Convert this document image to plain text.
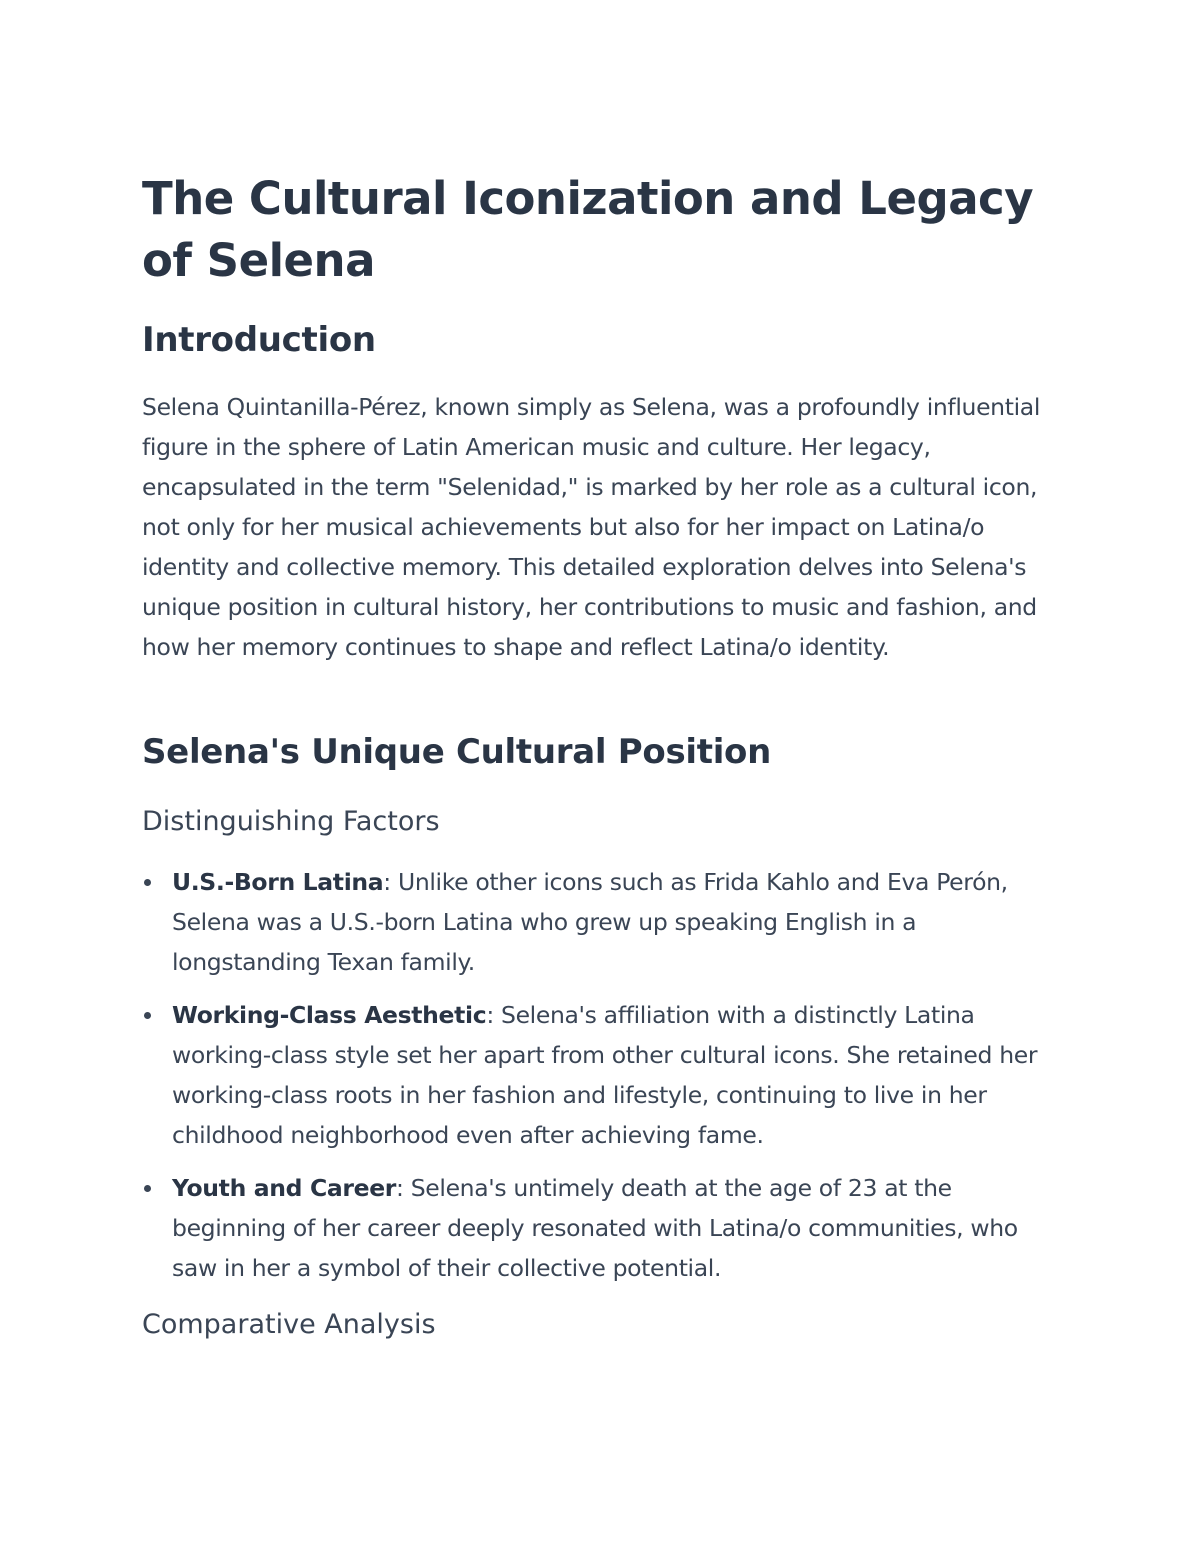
The Cultural Iconization and Legacy of Selena
Introduction

Selena Quintanilla-Pérez, known simply as Selena, was a profoundly influential figure in the sphere of Latin American music and culture. Her legacy, encapsulated in the term "Selenidad," is marked by her role as a cultural icon, not only for her musical achievements but also for her impact on Latina/o identity and collective memory. This detailed exploration delves into Selena's unique position in cultural history, her contributions to music and fashion, and how her memory continues to shape and reflect Latina/o identity.

Selena's Unique Cultural Position
Distinguishing Factors
U.S.-Born Latina: Unlike other icons such as Frida Kahlo and Eva Perón, Selena was a U.S.-born Latina who grew up speaking English in a longstanding Texan family.
Working-Class Aesthetic: Selena's affiliation with a distinctly Latina working-class style set her apart from other cultural icons. She retained her working-class roots in her fashion and lifestyle, continuing to live in her childhood neighborhood even after achieving fame.
Youth and Career: Selena's untimely death at the age of 23 at the beginning of her career deeply resonated with Latina/o communities, who saw in her a symbol of their collective potential.
Comparative Analysis
